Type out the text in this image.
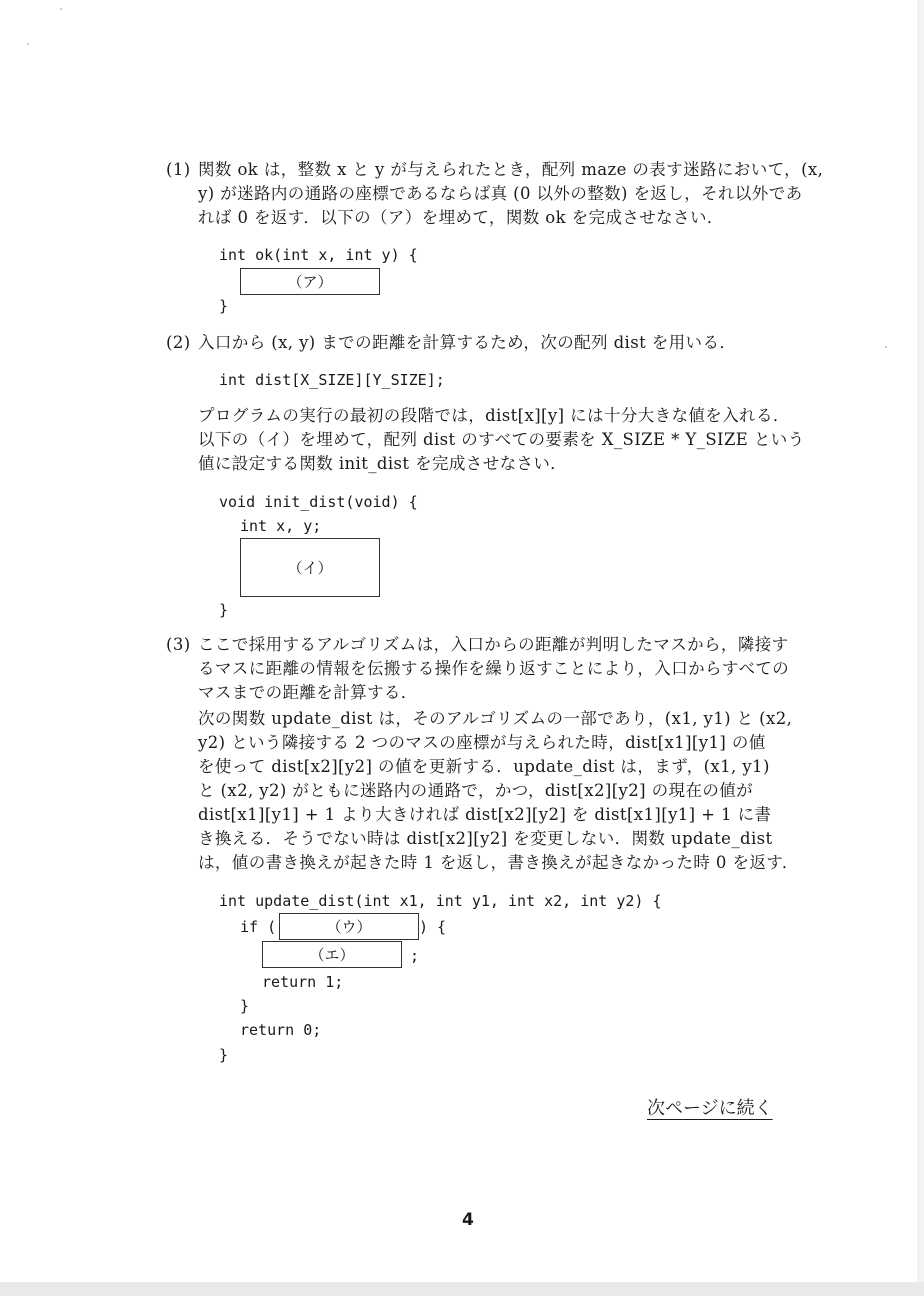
(1) 関数 ok は，整数 x と y が与えられたとき，配列 maze の表す迷路において，(x,
y) が迷路内の通路の座標であるならば真 (0 以外の整数) を返し，それ以外であ
れば 0 を返す．以下の（ア）を埋めて，関数 ok を完成させなさい．
int ok(int x, int y) {
（ア）
}
(2) 入口から (x, y) までの距離を計算するため，次の配列 dist を用いる．
int dist[X_SIZE][Y_SIZE];
プログラムの実行の最初の段階では，dist[x][y] には十分大きな値を入れる．
以下の（イ）を埋めて，配列 dist のすべての要素を X_SIZE * Y_SIZE という
値に設定する関数 init_dist を完成させなさい．
void init_dist(void) {
int x, y;
（イ）
}
(3) ここで採用するアルゴリズムは，入口からの距離が判明したマスから，隣接す
るマスに距離の情報を伝搬する操作を繰り返すことにより，入口からすべての
マスまでの距離を計算する．
次の関数 update_dist は，そのアルゴリズムの一部であり，(x1, y1) と (x2,
y2) という隣接する 2 つのマスの座標が与えられた時，dist[x1][y1] の値
を使って dist[x2][y2] の値を更新する．update_dist は，まず，(x1, y1)
と (x2, y2) がともに迷路内の通路で，かつ，dist[x2][y2] の現在の値が
dist[x1][y1] + 1 より大きければ dist[x2][y2] を dist[x1][y1] + 1 に書
き換える．そうでない時は dist[x2][y2] を変更しない．関数 update_dist
は，値の書き換えが起きた時 1 を返し，書き換えが起きなかった時 0 を返す．
int update_dist(int x1, int y1, int x2, int y2) {
if (	（ウ）	) {
（エ）	;
return 1;
}
return 0;
}
次ページに続く
4
